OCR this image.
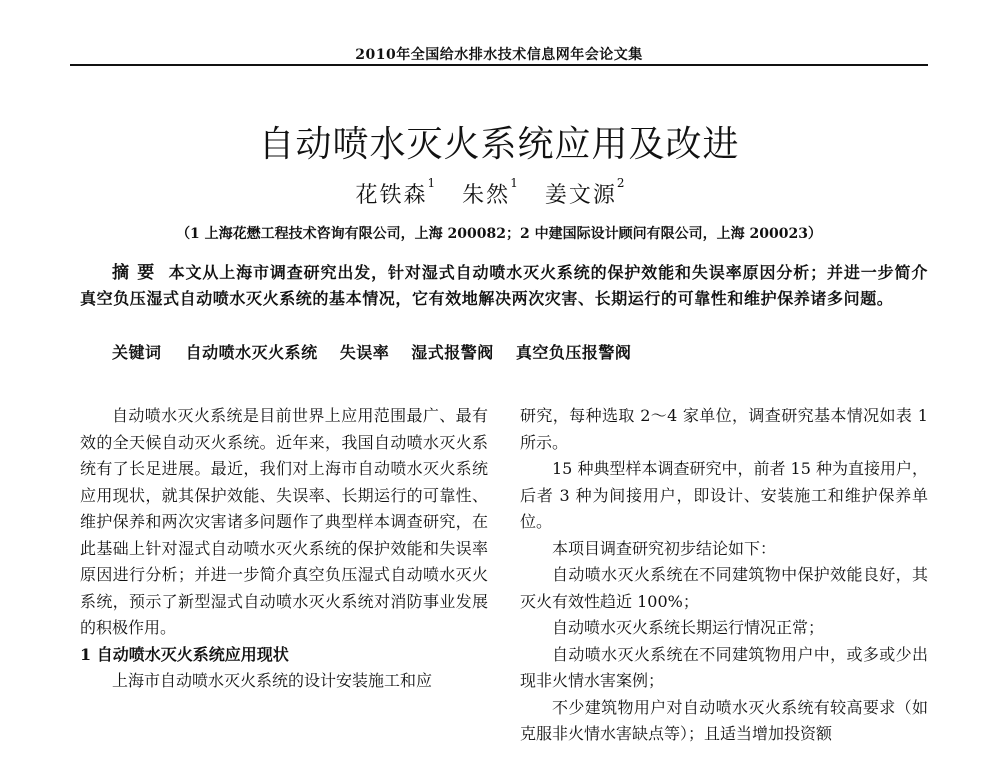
2010年全国给水排水技术信息网年会论文集
自动喷水灭火系统应用及改进
花铁森$^1$ 朱然$^1$ 姜文源$^2$
（1 上海花懋工程技术咨询有限公司，上海 200082；2 中建国际设计顾问有限公司，上海 200023）
摘要 本文从上海市调查研究出发，针对湿式自动喷水灭火系统的保护效能和失误率原因分析；并进一步简介真空负压湿式自动喷水灭火系统的基本情况，它有效地解决两次灾害、长期运行的可靠性和维护保养诸多问题。
关键词 自动喷水灭火系统 失误率 湿式报警阀 真空负压报警阀

自动喷水灭火系统是目前世界上应用范围最广、最有效的全天候自动灭火系统。近年来，我国自动喷水灭火系统有了长足进展。最近，我们对上海市自动喷水灭火系统应用现状，就其保护效能、失误率、长期运行的可靠性、维护保养和两次灾害诸多问题作了典型样本调查研究，在此基础上针对湿式自动喷水灭火系统的保护效能和失误率原因进行分析；并进一步简介真空负压湿式自动喷水灭火系统，预示了新型湿式自动喷水灭火系统对消防事业发展的积极作用。

1 自动喷水灭火系统应用现状

上海市自动喷水灭火系统的设计安装施工和应

研究，每种选取 2～4 家单位，调查研究基本情况如表 1 所示。

15 种典型样本调查研究中，前者 15 种为直接用户，后者 3 种为间接用户，即设计、安装施工和维护保养单位。

本项目调查研究初步结论如下：

自动喷水灭火系统在不同建筑物中保护效能良好，其灭火有效性趋近 100%；

自动喷水灭火系统长期运行情况正常；

自动喷水灭火系统在不同建筑物用户中，或多或少出现非火情水害案例；

不少建筑物用户对自动喷水灭火系统有较高要求（如克服非火情水害缺点等）；且适当增加投资额
